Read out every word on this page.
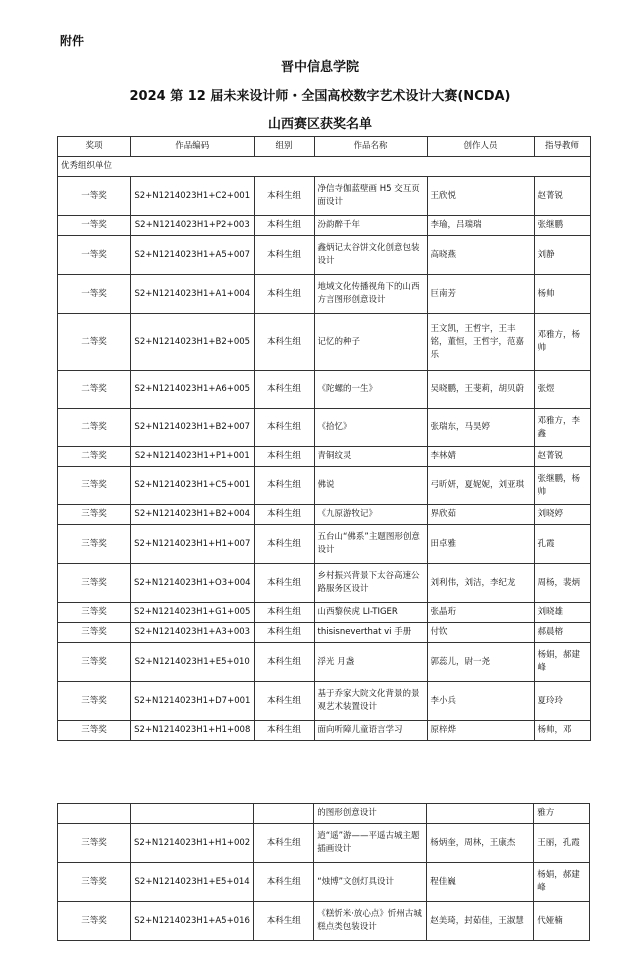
附件
晋中信息学院
2024 第 12 届未来设计师・全国高校数字艺术设计大赛(NCDA)
山西赛区获奖名单
奖项	作品编码	组别	作品名称	创作人员	指导教师
优秀组织单位					
一等奖	S2+N1214023H1+C2+001	本科生组	净信寺伽蓝壁画 H5 交互页面设计	王欣悦	赵菁锐
一等奖	S2+N1214023H1+P2+003	本科生组	汾韵醉千年	李瑜，吕瑞瑞	张继鹏
一等奖	S2+N1214023H1+A5+007	本科生组	鑫炳记太谷饼文化创意包装设计	高晓燕	刘静
一等奖	S2+N1214023H1+A1+004	本科生组	地域文化传播视角下的山西方言图形创意设计	巨南芳	杨帅
二等奖	S2+N1214023H1+B2+005	本科生组	记忆的种子	王文凯，王哲宇，王丰铭，董恒，王哲宇，范嘉乐	邓雅方，杨帅
二等奖	S2+N1214023H1+A6+005	本科生组	《陀螺的一生》	吴晓鹏，王斐莉，胡贝蔚	张煜
二等奖	S2+N1214023H1+B2+007	本科生组	《拾忆》	张瑞东，马昊婷	邓雅方，李鑫
二等奖	S2+N1214023H1+P1+001	本科生组	青铜纹灵	李林婧	赵菁锐
三等奖	S2+N1214023H1+C5+001	本科生组	佛说	弓昕妍，夏妮妮，刘亚琪	张继鹏，杨帅
三等奖	S2+N1214023H1+B2+004	本科生组	《九原游牧记》	界欣茹	刘晓婷
三等奖	S2+N1214023H1+H1+007	本科生组	五台山“佛系”主题图形创意设计	田卓雅	孔霞
三等奖	S2+N1214023H1+O3+004	本科生组	乡村振兴背景下太谷高速公路服务区设计	刘利伟，刘洁，李纪龙	周杨，裴炳
三等奖	S2+N1214023H1+G1+005	本科生组	山西黎侯虎 LI-TIGER	张晶珩	刘晓雄
三等奖	S2+N1214023H1+A3+003	本科生组	thisisneverthat vi 手册	付钦	郝晨榕
三等奖	S2+N1214023H1+E5+010	本科生组	浮光 月盏	郭蕊儿，尉一尧	杨娟，郝建峰
三等奖	S2+N1214023H1+D7+001	本科生组	基于乔家大院文化背景的景观艺术装置设计	李小兵	夏玲玲
三等奖	S2+N1214023H1+H1+008	本科生组	面向听障儿童语言学习	原梓烨	杨帅，邓
			的图形创意设计		雅方
三等奖	S2+N1214023H1+H1+002	本科生组	逍“遥”游——平遥古城主题插画设计	杨炳奎，周林，王康杰	王丽，孔霞
三等奖	S2+N1214023H1+E5+014	本科生组	“烛博”文创灯具设计	程佳巍	杨娟，郝建峰
三等奖	S2+N1214023H1+A5+016	本科生组	《糕忻米·放心点》忻州古城糕点类包装设计	赵美琦，封茹佳，王淑慧	代娅楠
